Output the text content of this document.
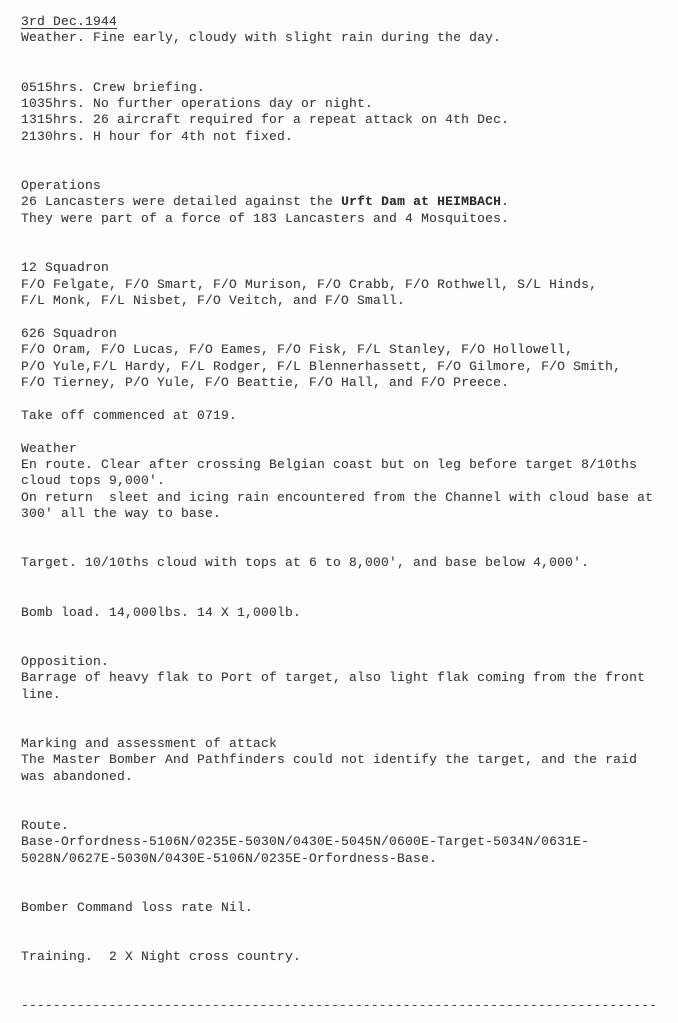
3rd Dec.1944
Weather. Fine early, cloudy with slight rain during the day.

0515hrs. Crew briefing.
1035hrs. No further operations day or night.
1315hrs. 26 aircraft required for a repeat attack on 4th Dec.
2130hrs. H hour for 4th not fixed.

Operations
26 Lancasters were detailed against the Urft Dam at HEIMBACH.
They were part of a force of 183 Lancasters and 4 Mosquitoes.

12 Squadron
F/O Felgate, F/O Smart, F/O Murison, F/O Crabb, F/O Rothwell, S/L Hinds,
F/L Monk, F/L Nisbet, F/O Veitch, and F/O Small.

626 Squadron
F/O Oram, F/O Lucas, F/O Eames, F/O Fisk, F/L Stanley, F/O Hollowell,
P/O Yule,F/L Hardy, F/L Rodger, F/L Blennerhassett, F/O Gilmore, F/O Smith,
F/O Tierney, P/O Yule, F/O Beattie, F/O Hall, and F/O Preece.

Take off commenced at 0719.

Weather
En route. Clear after crossing Belgian coast but on leg before target 8/10ths
cloud tops 9,000'.
On return  sleet and icing rain encountered from the Channel with cloud base at
300' all the way to base.

Target. 10/10ths cloud with tops at 6 to 8,000', and base below 4,000'.

Bomb load. 14,000lbs. 14 X 1,000lb.

Opposition.
Barrage of heavy flak to Port of target, also light flak coming from the front
line.

Marking and assessment of attack
The Master Bomber And Pathfinders could not identify the target, and the raid
was abandoned.

Route.
Base-Orfordness-5106N/0235E-5030N/0430E-5045N/0600E-Target-5034N/0631E-
5028N/0627E-5030N/0430E-5106N/0235E-Orfordness-Base.

Bomber Command loss rate Nil.

Training.  2 X Night cross country.

--------------------------------------------------------------------------------
